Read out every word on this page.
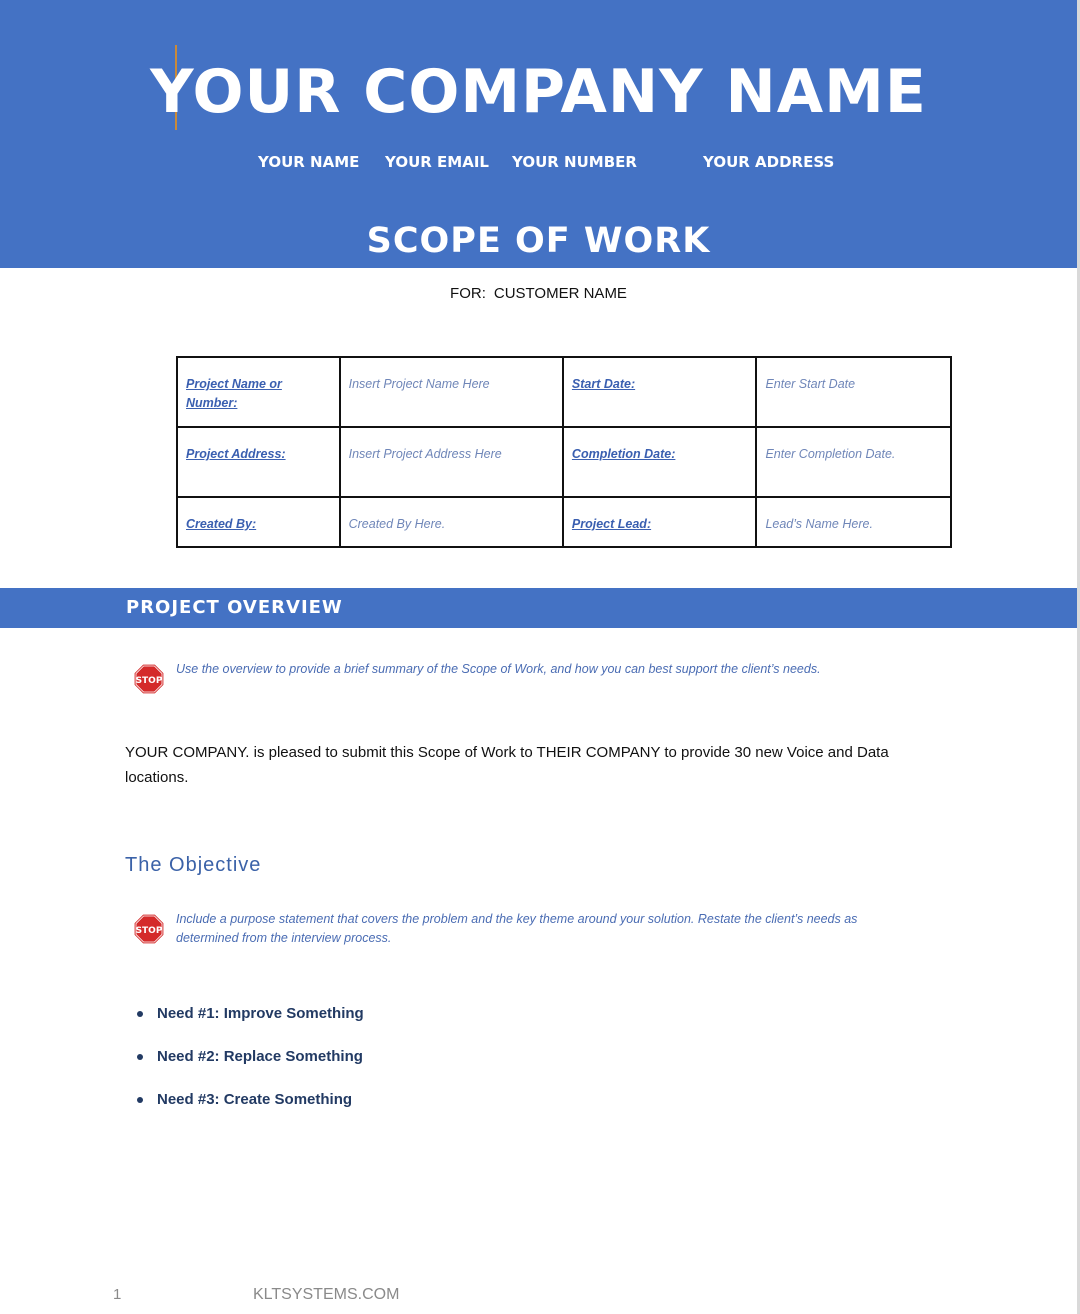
YOUR COMPANY NAME
YOUR NAME YOUR EMAIL YOUR NUMBER	YOUR ADDRESS
SCOPE OF WORK
FOR: CUSTOMER NAME
Project Name or Number:	Insert Project Name Here	Start Date:	Enter Start Date
Project Address:	Insert Project Address Here	Completion Date:	Enter Completion Date.
Created By:	Created By Here.	Project Lead:	Lead’s Name Here.
PROJECT OVERVIEW
STOP
Use the overview to provide a brief summary of the Scope of Work, and how you can best support the client’s needs.
YOUR COMPANY. is pleased to submit this Scope of Work to THEIR COMPANY to provide 30 new Voice and Data locations.
The Objective
STOP
Include a purpose statement that covers the problem and the key theme around your solution. Restate the client’s needs as determined from the interview process.
Need #1: Improve Something
Need #2: Replace Something
Need #3: Create Something
1	KLTSYSTEMS.COM
